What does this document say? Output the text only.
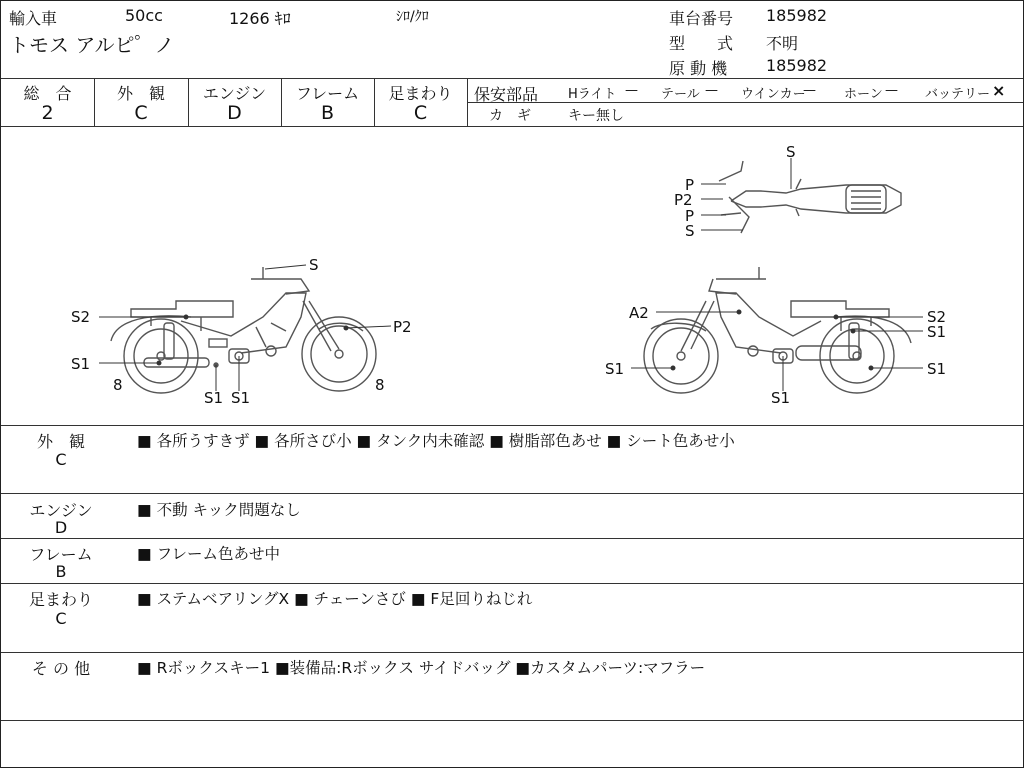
輸入車	50cc	1266 ｷﾛ	ｼﾛ/ｸﾛ
トモス アルピ゜ノ
車台番号 185982
型　　式 不明
原 動 機 185982
総　合
2
外　観
C
エンジン
D
フレーム
B
足まわり
C
保安部品 Hライト — テール — ウインカー
— ホーン — バッテリー ×
カ　ギ	キー無し
S
S2
P2
S1
8	8
S1 S1
A2	S2
S1
S1	S1
S1
S
P
P2
P
S
外　観
C
■ 各所うすきず ■ 各所さび小 ■ タンク内未確認 ■ 樹脂部色あせ ■ シート色あせ小
エンジン
D
■ 不動 キック問題なし
フレーム
B
■ フレーム色あせ中
足まわり
C
■ ステムベアリングX ■ チェーンさび ■ F足回りねじれ
そ の 他	■ Rボックスキー1 ■装備品:Rボックス サイドバッグ ■カスタムパーツ:マフラー
